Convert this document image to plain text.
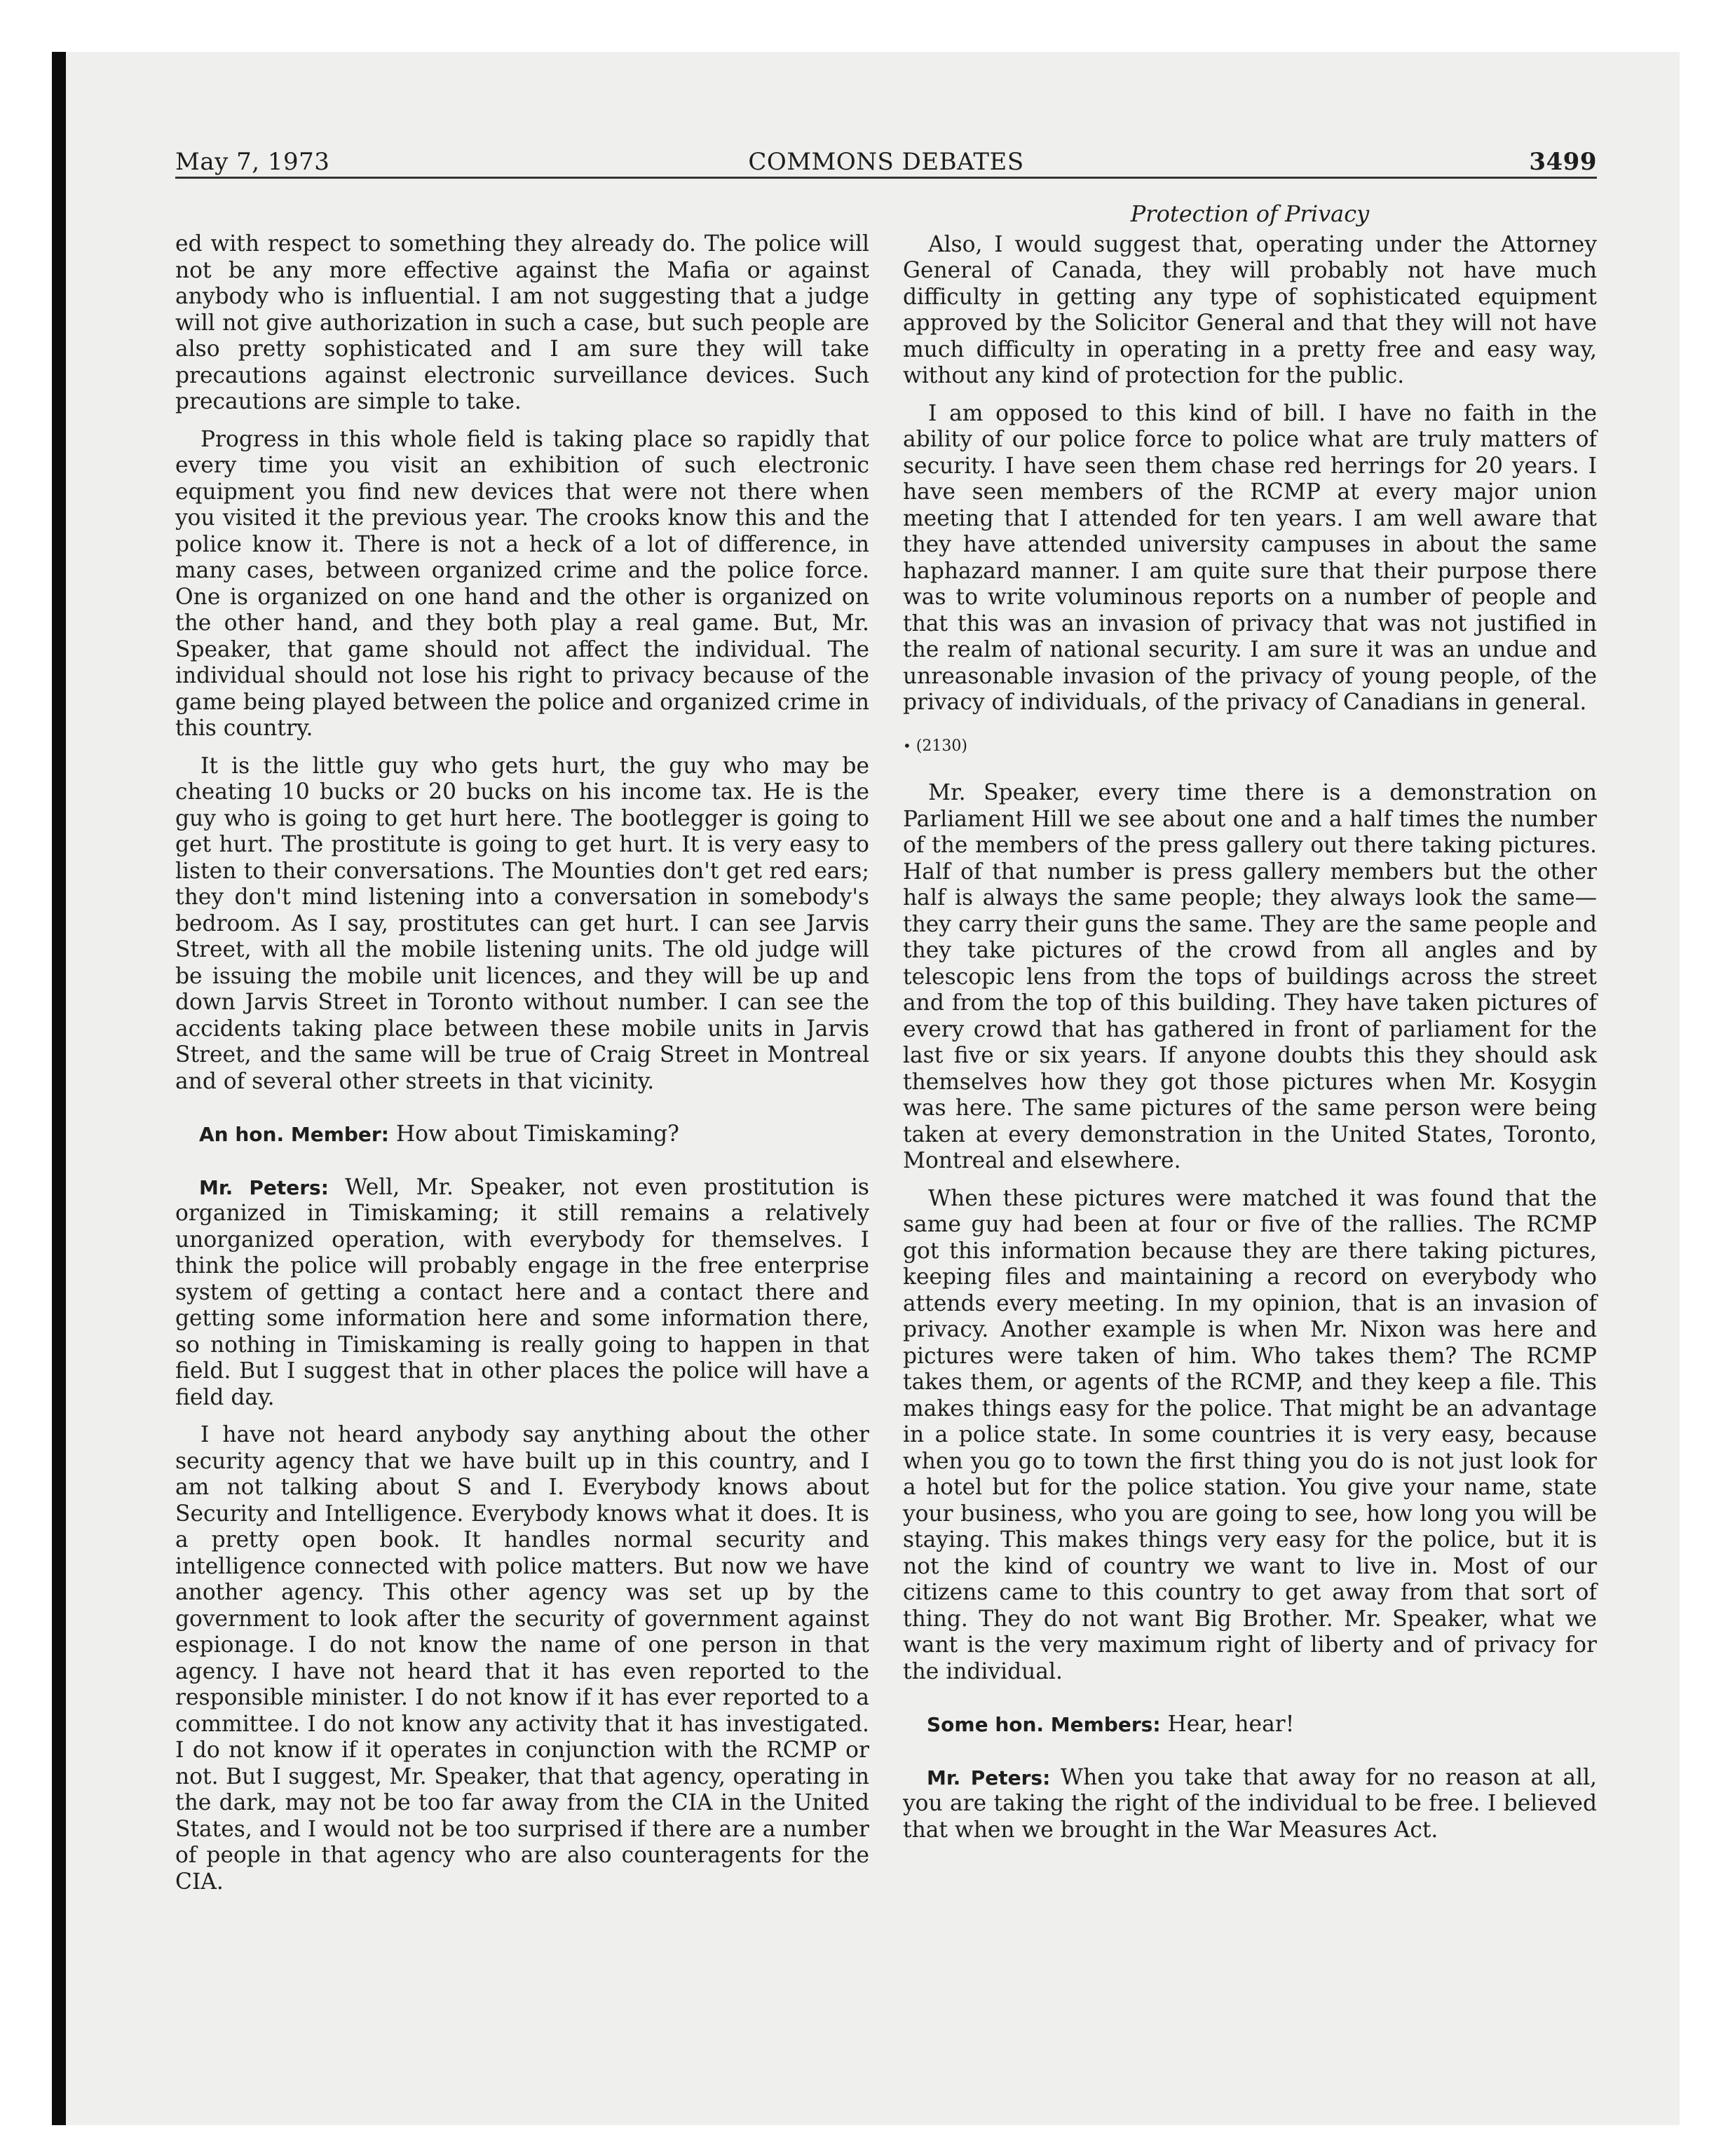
May 7, 1973	COMMONS DEBATES	3499

ed with respect to something they already do. The police will not be any more effective against the Mafia or against anybody who is influential. I am not suggesting that a judge will not give authorization in such a case, but such people are also pretty sophisticated and I am sure they will take precautions against electronic surveillance devices. Such precautions are simple to take.

Progress in this whole field is taking place so rapidly that every time you visit an exhibition of such electronic equipment you find new devices that were not there when you visited it the previous year. The crooks know this and the police know it. There is not a heck of a lot of difference, in many cases, between organized crime and the police force. One is organized on one hand and the other is organized on the other hand, and they both play a real game. But, Mr. Speaker, that game should not affect the individual. The individual should not lose his right to privacy because of the game being played between the police and organized crime in this country.

It is the little guy who gets hurt, the guy who may be cheating 10 bucks or 20 bucks on his income tax. He is the guy who is going to get hurt here. The bootlegger is going to get hurt. The prostitute is going to get hurt. It is very easy to listen to their conversations. The Mounties don't get red ears; they don't mind listening into a conversation in somebody's bedroom. As I say, prostitutes can get hurt. I can see Jarvis Street, with all the mobile listening units. The old judge will be issuing the mobile unit licences, and they will be up and down Jarvis Street in Toronto without number. I can see the accidents taking place between these mobile units in Jarvis Street, and the same will be true of Craig Street in Montreal and of several other streets in that vicinity.

An hon. Member: How about Timiskaming?

Mr. Peters: Well, Mr. Speaker, not even prostitution is organized in Timiskaming; it still remains a relatively unorganized operation, with everybody for themselves. I think the police will probably engage in the free enterprise system of getting a contact here and a contact there and getting some information here and some information there, so nothing in Timiskaming is really going to happen in that field. But I suggest that in other places the police will have a field day.

I have not heard anybody say anything about the other security agency that we have built up in this country, and I am not talking about S and I. Everybody knows about Security and Intelligence. Everybody knows what it does. It is a pretty open book. It handles normal security and intelligence connected with police matters. But now we have another agency. This other agency was set up by the government to look after the security of government against espionage. I do not know the name of one person in that agency. I have not heard that it has even reported to the responsible minister. I do not know if it has ever reported to a committee. I do not know any activity that it has investigated. I do not know if it operates in conjunction with the RCMP or not. But I suggest, Mr. Speaker, that that agency, operating in the dark, may not be too far away from the CIA in the United States, and I would not be too surprised if there are a number of people in that agency who are also counteragents for the CIA.

Protection of Privacy

Also, I would suggest that, operating under the Attorney General of Canada, they will probably not have much difficulty in getting any type of sophisticated equipment approved by the Solicitor General and that they will not have much difficulty in operating in a pretty free and easy way, without any kind of protection for the public.

I am opposed to this kind of bill. I have no faith in the ability of our police force to police what are truly matters of security. I have seen them chase red herrings for 20 years. I have seen members of the RCMP at every major union meeting that I attended for ten years. I am well aware that they have attended university campuses in about the same haphazard manner. I am quite sure that their purpose there was to write voluminous reports on a number of people and that this was an invasion of privacy that was not justified in the realm of national security. I am sure it was an undue and unreasonable invasion of the privacy of young people, of the privacy of individuals, of the privacy of Canadians in general.

• (2130)

Mr. Speaker, every time there is a demonstration on Parliament Hill we see about one and a half times the number of the members of the press gallery out there taking pictures. Half of that number is press gallery members but the other half is always the same people; they always look the same—they carry their guns the same. They are the same people and they take pictures of the crowd from all angles and by telescopic lens from the tops of buildings across the street and from the top of this building. They have taken pictures of every crowd that has gathered in front of parliament for the last five or six years. If anyone doubts this they should ask themselves how they got those pictures when Mr. Kosygin was here. The same pictures of the same person were being taken at every demonstration in the United States, Toronto, Montreal and elsewhere.

When these pictures were matched it was found that the same guy had been at four or five of the rallies. The RCMP got this information because they are there taking pictures, keeping files and maintaining a record on everybody who attends every meeting. In my opinion, that is an invasion of privacy. Another example is when Mr. Nixon was here and pictures were taken of him. Who takes them? The RCMP takes them, or agents of the RCMP, and they keep a file. This makes things easy for the police. That might be an advantage in a police state. In some countries it is very easy, because when you go to town the first thing you do is not just look for a hotel but for the police station. You give your name, state your business, who you are going to see, how long you will be staying. This makes things very easy for the police, but it is not the kind of country we want to live in. Most of our citizens came to this country to get away from that sort of thing. They do not want Big Brother. Mr. Speaker, what we want is the very maximum right of liberty and of privacy for the individual.

Some hon. Members: Hear, hear!

Mr. Peters: When you take that away for no reason at all, you are taking the right of the individual to be free. I believed that when we brought in the War Measures Act.
